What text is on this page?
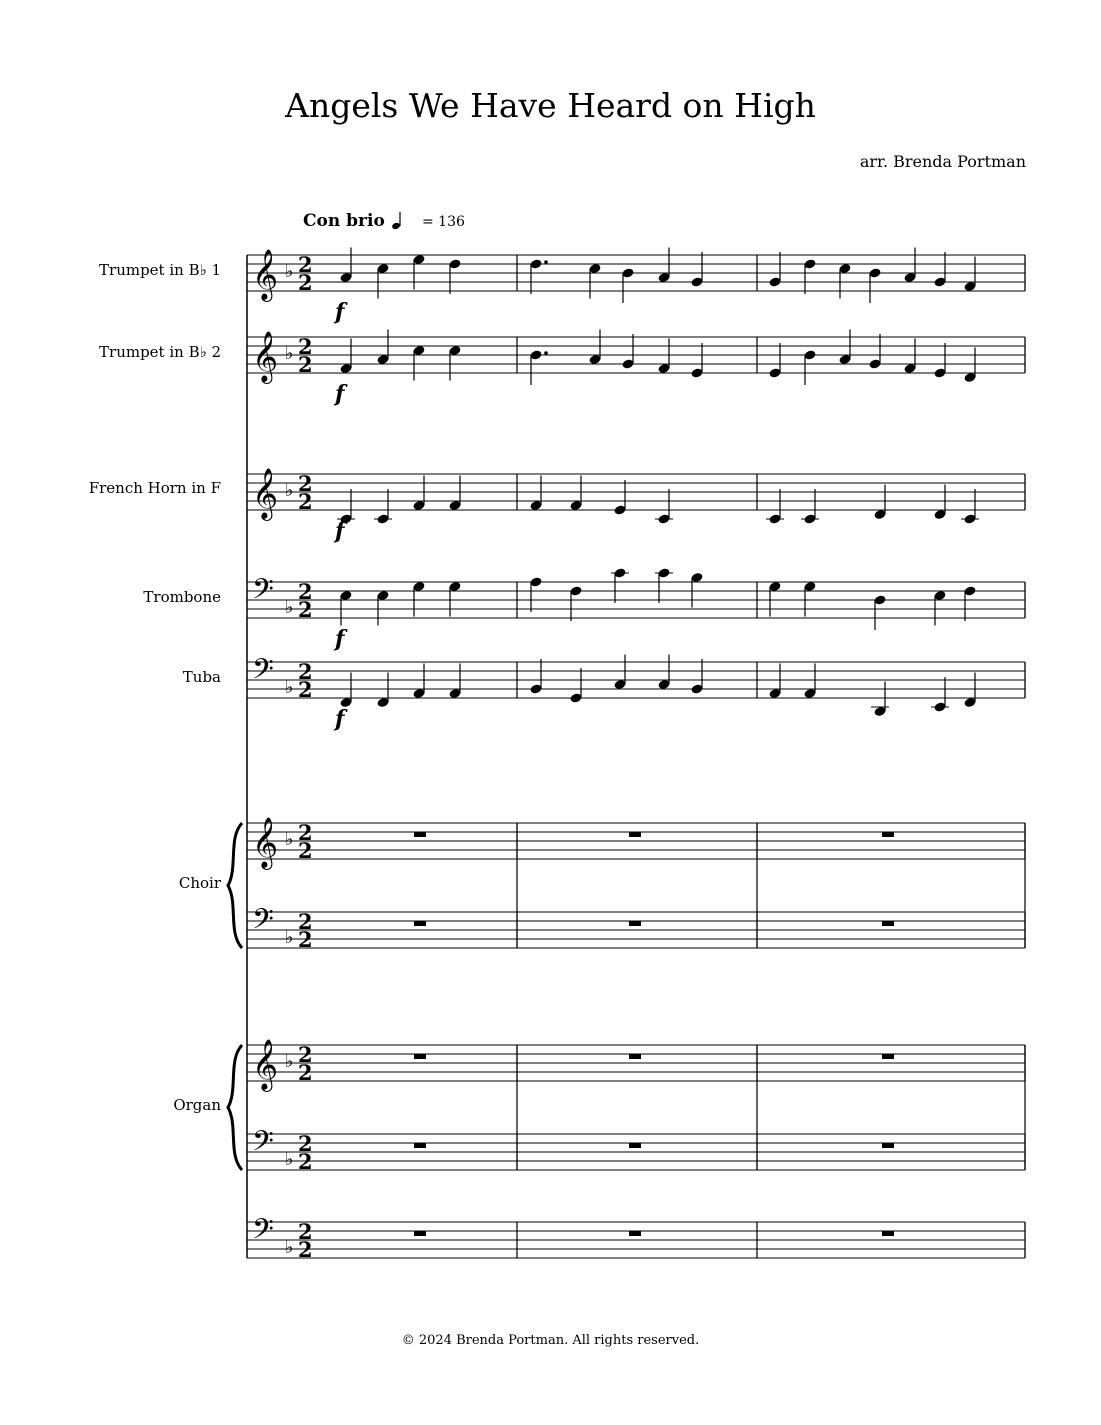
Angels We Have Heard on High
arr. Brenda Portman
Con brio	= 136
Trumpet in B♭ 1
Trumpet in B♭ 2
French Horn in F
Trombone
Tuba
Choir
Organ
© 2024 Brenda Portman. All rights reserved.
𝄞 ♭ 2
2
𝄞 ♭ 2
2
𝄞 ♭ 2
2
𝄢 ♭
2
2
𝄢 ♭
2
2
𝄞 ♭ 2
2
𝄢 ♭
2
2
𝄞 ♭ 2
2
𝄢 ♭
2
2
𝄢 ♭
2
2
f
f
f
f
f
